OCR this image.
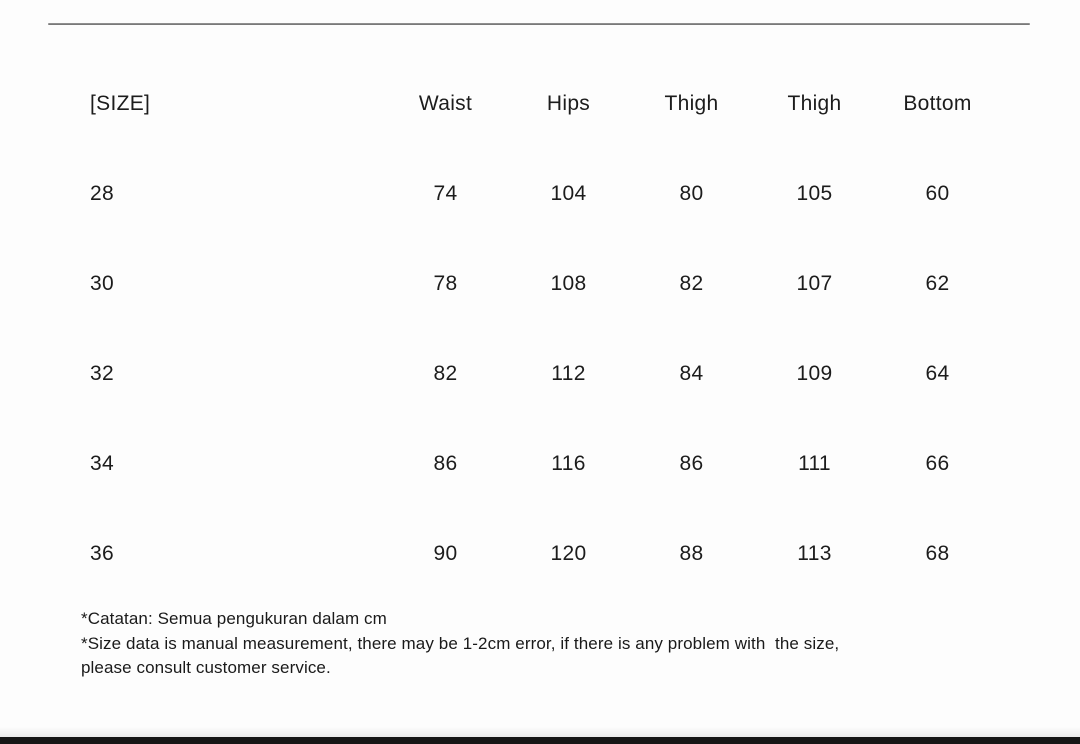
[SIZE]	Waist	Hips	Thigh	Thigh	Bottom
28	74	104	80	105	60
30	78	108	82	107	62
32	82	112	84	109	64
34	86	116	86	111	66
36	90	120	88	113	68
*Catatan: Semua pengukuran dalam cm
*Size data is manual measurement, there may be 1-2cm error, if there is any problem with  the size,
please consult customer service.
